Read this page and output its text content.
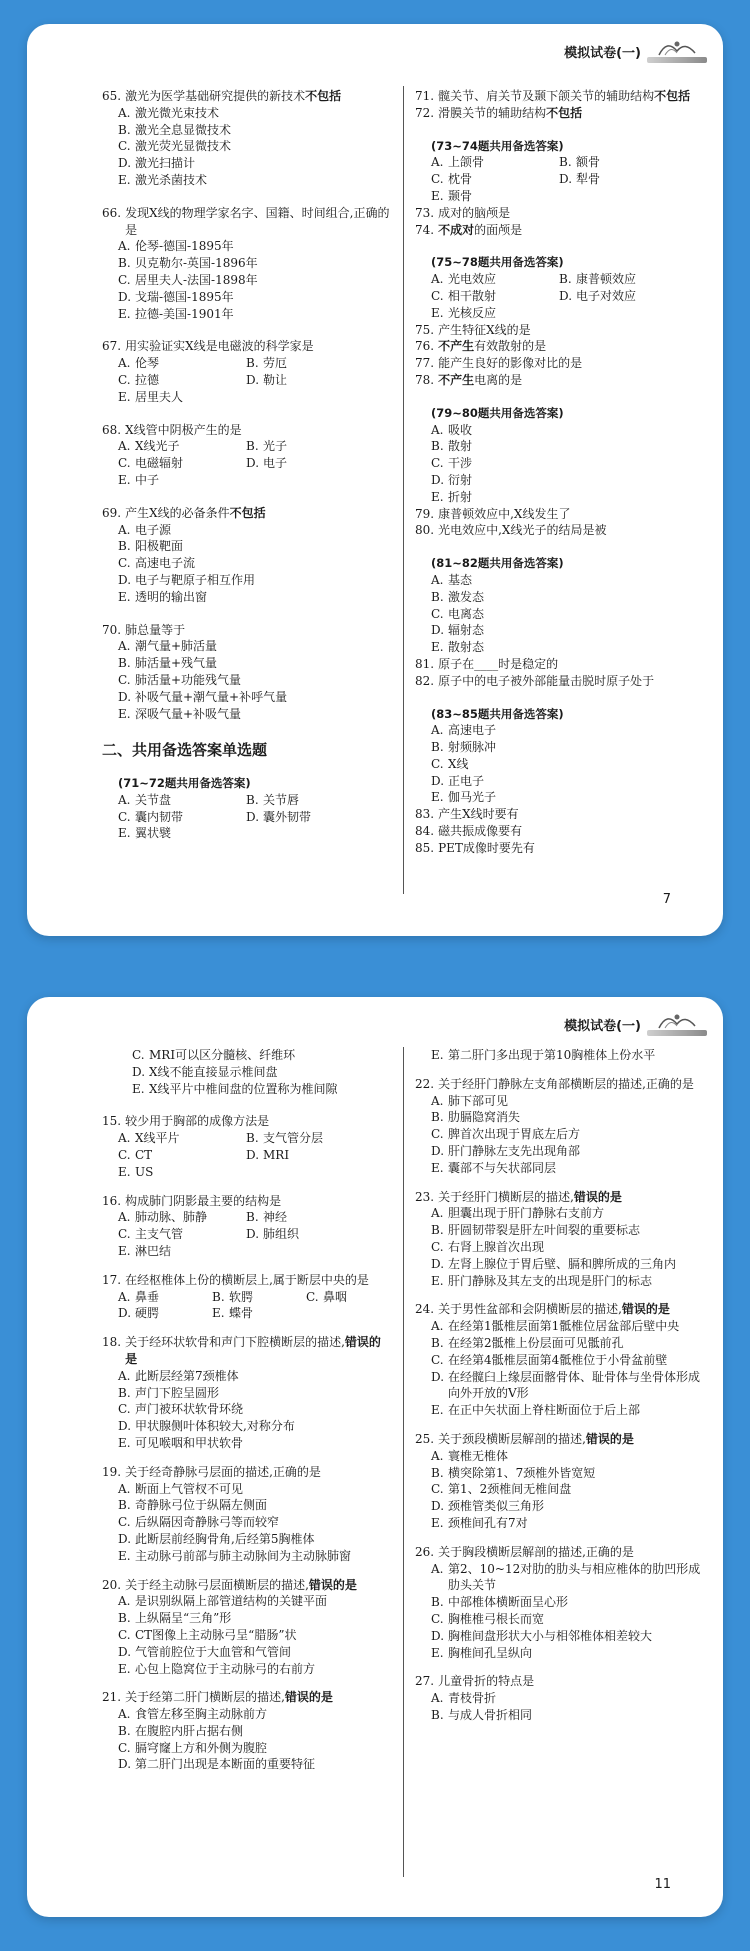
模拟试卷(一)
65. 激光为医学基础研究提供的新技术不包括
A. 激光微光束技术
B. 激光全息显微技术
C. 激光荧光显微技术
D. 激光扫描计
E. 激光杀菌技术
66. 发现X线的物理学家名字、国籍、时间组合,正确的是
A. 伦琴-德国-1895年
B. 贝克勒尔-英国-1896年
C. 居里夫人-法国-1898年
D. 戈瑞-德国-1895年
E. 拉德-美国-1901年
67. 用实验证实X线是电磁波的科学家是
A. 伦琴	B. 劳厄
C. 拉德	D. 勒让
E. 居里夫人
68. X线管中阴极产生的是
A. X线光子	B. 光子
C. 电磁辐射	D. 电子
E. 中子
69. 产生X线的必备条件不包括
A. 电子源
B. 阳极靶面
C. 高速电子流
D. 电子与靶原子相互作用
E. 透明的输出窗
70. 肺总量等于
A. 潮气量+肺活量
B. 肺活量+残气量
C. 肺活量+功能残气量
D. 补吸气量+潮气量+补呼气量
E. 深吸气量+补吸气量
二、共用备选答案单选题
(71~72题共用备选答案)
A. 关节盘	B. 关节唇
C. 囊内韧带	D. 囊外韧带
E. 翼状襞
71. 髋关节、肩关节及颞下颌关节的辅助结构不包括
72. 滑膜关节的辅助结构不包括
(73~74题共用备选答案)
A. 上颌骨	B. 额骨
C. 枕骨	D. 犁骨
E. 颞骨
73. 成对的脑颅是
74. 不成对的面颅是
(75~78题共用备选答案)
A. 光电效应	B. 康普顿效应
C. 相干散射	D. 电子对效应
E. 光核反应
75. 产生特征X线的是
76. 不产生有效散射的是
77. 能产生良好的影像对比的是
78. 不产生电离的是
(79~80题共用备选答案)
A. 吸收
B. 散射
C. 干涉
D. 衍射
E. 折射
79. 康普顿效应中,X线发生了
80. 光电效应中,X线光子的结局是被
(81~82题共用备选答案)
A. 基态
B. 激发态
C. 电离态
D. 辐射态
E. 散射态
81. 原子在____时是稳定的
82. 原子中的电子被外部能量击脱时原子处于
(83~85题共用备选答案)
A. 高速电子
B. 射频脉冲
C. X线
D. 正电子
E. 伽马光子
83. 产生X线时要有
84. 磁共振成像要有
85. PET成像时要先有
7
模拟试卷(一)
C. MRI可以区分髓核、纤维环
D. X线不能直接显示椎间盘
E. X线平片中椎间盘的位置称为椎间隙
15. 较少用于胸部的成像方法是
A. X线平片	B. 支气管分层
C. CT	D. MRI
E. US
16. 构成肺门阴影最主要的结构是
A. 肺动脉、肺静	B. 神经
C. 主支气管	D. 肺组织
E. 淋巴结
17. 在经枢椎体上份的横断层上,属于断层中央的是
A. 鼻垂	B. 软腭	C. 鼻咽
D. 硬腭	E. 蝶骨
18. 关于经环状软骨和声门下腔横断层的描述,错误的是
A. 此断层经第7颈椎体
B. 声门下腔呈圆形
C. 声门被环状软骨环绕
D. 甲状腺侧叶体积较大,对称分布
E. 可见喉咽和甲状软骨
19. 关于经奇静脉弓层面的描述,正确的是
A. 断面上气管杈不可见
B. 奇静脉弓位于纵隔左侧面
C. 后纵隔因奇静脉弓等而较窄
D. 此断层前经胸骨角,后经第5胸椎体
E. 主动脉弓前部与肺主动脉间为主动脉肺窗
20. 关于经主动脉弓层面横断层的描述,错误的是
A. 是识别纵隔上部管道结构的关键平面
B. 上纵隔呈“三角”形
C. CT图像上主动脉弓呈“腊肠”状
D. 气管前腔位于大血管和气管间
E. 心包上隐窝位于主动脉弓的右前方
21. 关于经第二肝门横断层的描述,错误的是
A. 食管左移至胸主动脉前方
B. 在腹腔内肝占据右侧
C. 膈穹窿上方和外侧为腹腔
D. 第二肝门出现是本断面的重要特征
E. 第二肝门多出现于第10胸椎体上份水平
22. 关于经肝门静脉左支角部横断层的描述,正确的是
A. 肺下部可见
B. 肋膈隐窝消失
C. 脾首次出现于胃底左后方
D. 肝门静脉左支先出现角部
E. 囊部不与矢状部同层
23. 关于经肝门横断层的描述,错误的是
A. 胆囊出现于肝门静脉右支前方
B. 肝圆韧带裂是肝左叶间裂的重要标志
C. 右肾上腺首次出现
D. 左肾上腺位于胃后壁、膈和脾所成的三角内
E. 肝门静脉及其左支的出现是肝门的标志
24. 关于男性盆部和会阴横断层的描述,错误的是
A. 在经第1骶椎层面第1骶椎位居盆部后壁中央
B. 在经第2骶椎上份层面可见骶前孔
C. 在经第4骶椎层面第4骶椎位于小骨盆前壁
D. 在经髋臼上缘层面髂骨体、耻骨体与坐骨体形成向外开放的V形
E. 在正中矢状面上脊柱断面位于后上部
25. 关于颈段横断层解剖的描述,错误的是
A. 寰椎无椎体
B. 横突除第1、7颈椎外皆宽短
C. 第1、2颈椎间无椎间盘
D. 颈椎管类似三角形
E. 颈椎间孔有7对
26. 关于胸段横断层解剖的描述,正确的是
A. 第2、10~12对肋的肋头与相应椎体的肋凹形成肋头关节
B. 中部椎体横断面呈心形
C. 胸椎椎弓根长而宽
D. 胸椎间盘形状大小与相邻椎体相差较大
E. 胸椎间孔呈纵向
27. 儿童骨折的特点是
A. 青枝骨折
B. 与成人骨折相同
11
